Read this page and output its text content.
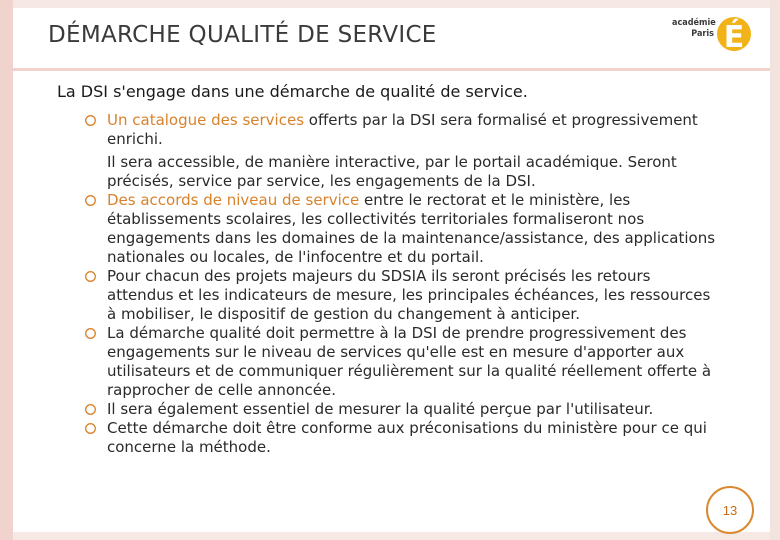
DÉMARCHE QUALITÉ DE SERVICE	académie
Paris É
La DSI s'engage dans une démarche de qualité de service.
Un catalogue des services offerts par la DSI sera formalisé et progressivement enrichi.
Il sera accessible, de manière interactive, par le portail académique. Seront précisés, service par service, les engagements de la DSI.
Des accords de niveau de service entre le rectorat et le ministère, les établissements scolaires, les collectivités territoriales formaliseront nos engagements dans les domaines de la maintenance/assistance, des applications nationales ou locales, de l'infocentre et du portail.
Pour chacun des projets majeurs du SDSIA ils seront précisés les retours attendus et les indicateurs de mesure, les principales échéances, les ressources à mobiliser, le dispositif de gestion du changement à anticiper.
La démarche qualité doit permettre à la DSI de prendre progressivement des engagements sur le niveau de services qu'elle est en mesure d'apporter aux utilisateurs et de communiquer régulièrement sur la qualité réellement offerte à rapprocher de celle annoncée.
Il sera également essentiel de mesurer la qualité perçue par l'utilisateur.
Cette démarche doit être conforme aux préconisations du ministère pour ce qui concerne la méthode.
13
